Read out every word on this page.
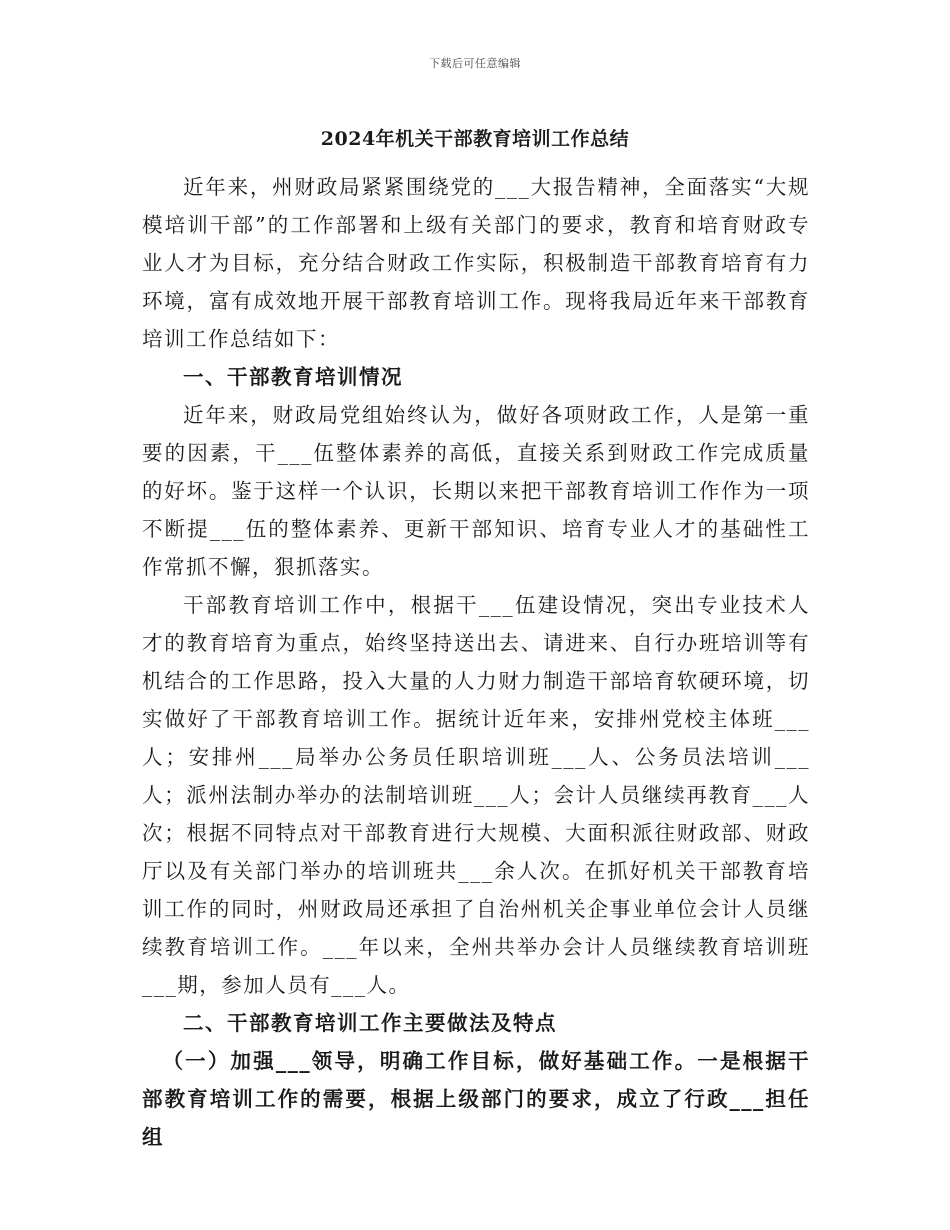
下载后可任意编辑
2024年机关干部教育培训工作总结

近年来，州财政局紧紧围绕党的___大报告精神，全面落实“大规模培训干部”的工作部署和上级有关部门的要求，教育和培育财政专业人才为目标，充分结合财政工作实际，积极制造干部教育培育有力环境，富有成效地开展干部教育培训工作。现将我局近年来干部教育培训工作总结如下：

一、干部教育培训情况

近年来，财政局党组始终认为，做好各项财政工作，人是第一重要的因素，干___伍整体素养的高低，直接关系到财政工作完成质量的好坏。鉴于这样一个认识，长期以来把干部教育培训工作作为一项不断提___伍的整体素养、更新干部知识、培育专业人才的基础性工作常抓不懈，狠抓落实。

干部教育培训工作中，根据干___伍建设情况，突出专业技术人才的教育培育为重点，始终坚持送出去、请进来、自行办班培训等有机结合的工作思路，投入大量的人力财力制造干部培育软硬环境，切实做好了干部教育培训工作。据统计近年来，安排州党校主体班___人；安排州___局举办公务员任职培训班___人、公务员法培训___人；派州法制办举办的法制培训班___人；会计人员继续再教育___人次；根据不同特点对干部教育进行大规模、大面积派往财政部、财政厅以及有关部门举办的培训班共___余人次。在抓好机关干部教育培训工作的同时，州财政局还承担了自治州机关企事业单位会计人员继续教育培训工作。___年以来，全州共举办会计人员继续教育培训班___期，参加人员有___人。

二、干部教育培训工作主要做法及特点

（一）加强___领导，明确工作目标，做好基础工作。一是根据干部教育培训工作的需要，根据上级部门的要求，成立了行政___担任组
